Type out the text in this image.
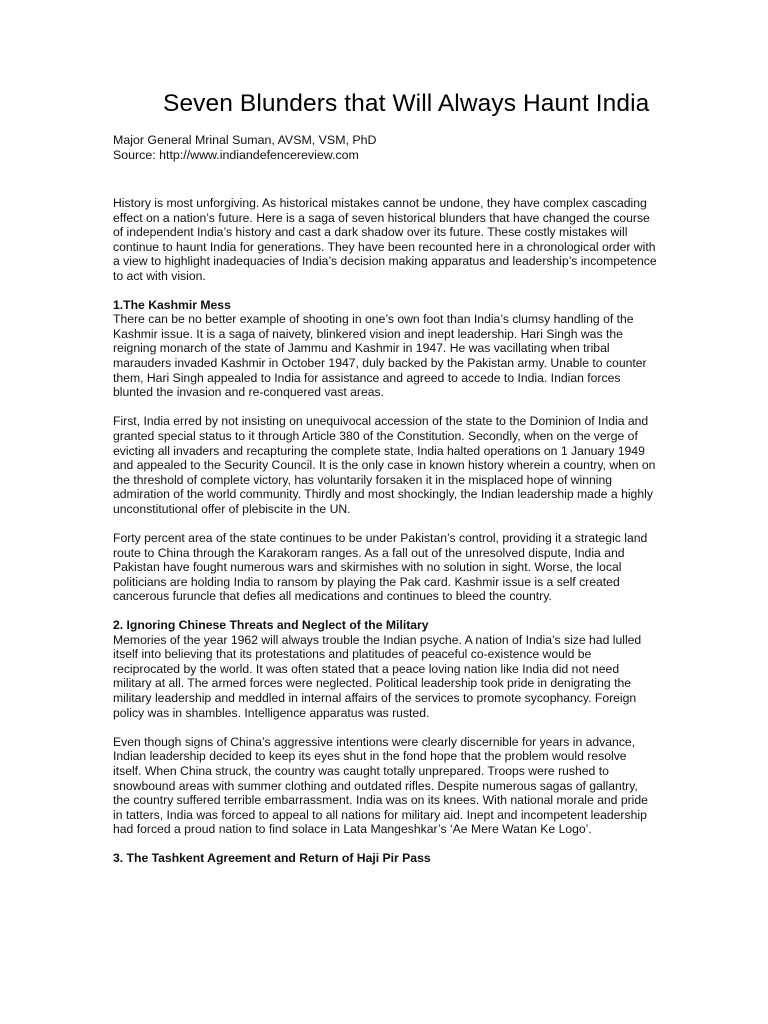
Seven Blunders that Will Always Haunt India
Major General Mrinal Suman, AVSM, VSM, PhD
Source: http://www.indiandefencereview.com

History is most unforgiving. As historical mistakes cannot be undone, they have complex cascading effect on a nation’s future. Here is a saga of seven historical blunders that have changed the course of independent India’s history and cast a dark shadow over its future. These costly mistakes will continue to haunt India for generations. They have been recounted here in a chronological order with a view to highlight inadequacies of India’s decision making apparatus and leadership’s incompetence to act with vision.

1.The Kashmir Mess

There can be no better example of shooting in one’s own foot than India’s clumsy handling of the Kashmir issue. It is a saga of naivety, blinkered vision and inept leadership. Hari Singh was the reigning monarch of the state of Jammu and Kashmir in 1947. He was vacillating when tribal marauders invaded Kashmir in October 1947, duly backed by the Pakistan army. Unable to counter them, Hari Singh appealed to India for assistance and agreed to accede to India. Indian forces blunted the invasion and re-conquered vast areas.

First, India erred by not insisting on unequivocal accession of the state to the Dominion of India and granted special status to it through Article 380 of the Constitution. Secondly, when on the verge of evicting all invaders and recapturing the complete state, India halted operations on 1 January 1949 and appealed to the Security Council. It is the only case in known history wherein a country, when on the threshold of complete victory, has voluntarily forsaken it in the misplaced hope of winning admiration of the world community. Thirdly and most shockingly, the Indian leadership made a highly unconstitutional offer of plebiscite in the UN.

Forty percent area of the state continues to be under Pakistan’s control, providing it a strategic land route to China through the Karakoram ranges. As a fall out of the unresolved dispute, India and Pakistan have fought numerous wars and skirmishes with no solution in sight. Worse, the local politicians are holding India to ransom by playing the Pak card. Kashmir issue is a self created cancerous furuncle that defies all medications and continues to bleed the country.

2. Ignoring Chinese Threats and Neglect of the Military

Memories of the year 1962 will always trouble the Indian psyche. A nation of India’s size had lulled itself into believing that its protestations and platitudes of peaceful co-existence would be reciprocated by the world. It was often stated that a peace loving nation like India did not need military at all. The armed forces were neglected. Political leadership took pride in denigrating the military leadership and meddled in internal affairs of the services to promote sycophancy. Foreign policy was in shambles. Intelligence apparatus was rusted.

Even though signs of China’s aggressive intentions were clearly discernible for years in advance, Indian leadership decided to keep its eyes shut in the fond hope that the problem would resolve itself. When China struck, the country was caught totally unprepared. Troops were rushed to snowbound areas with summer clothing and outdated rifles. Despite numerous sagas of gallantry, the country suffered terrible embarrassment. India was on its knees. With national morale and pride in tatters, India was forced to appeal to all nations for military aid. Inept and incompetent leadership had forced a proud nation to find solace in Lata Mangeshkar’s ‘Ae Mere Watan Ke Logo’.

3. The Tashkent Agreement and Return of Haji Pir Pass
